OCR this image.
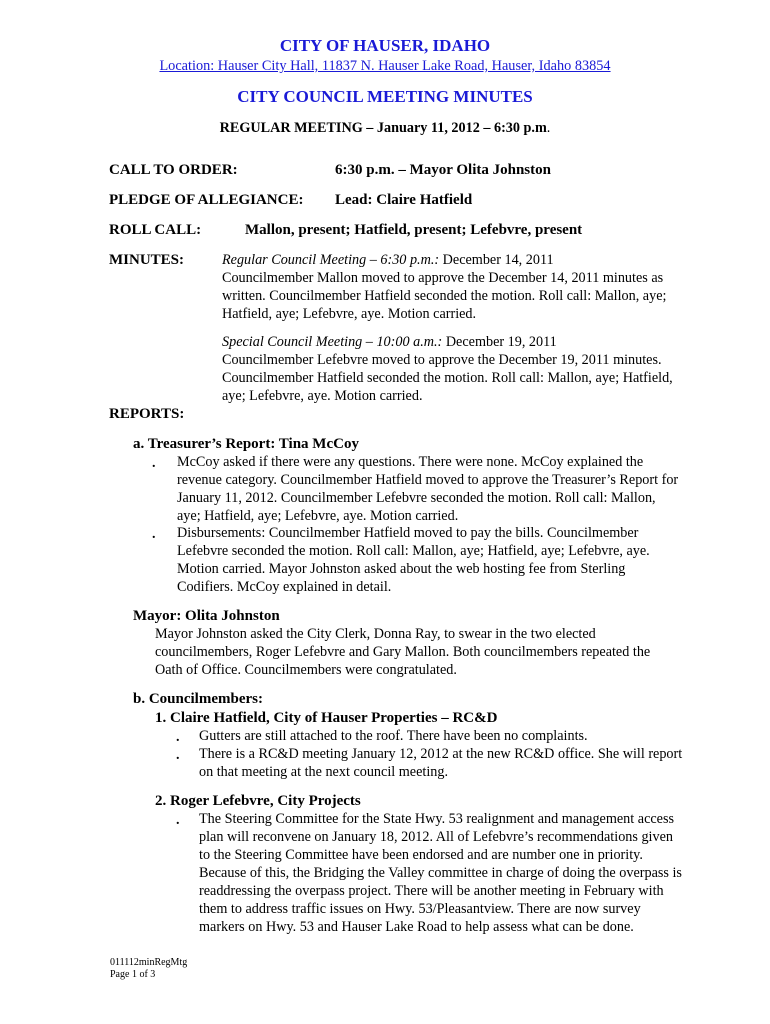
CITY OF HAUSER, IDAHO
Location: Hauser City Hall, 11837 N. Hauser Lake Road, Hauser, Idaho 83854
CITY COUNCIL MEETING MINUTES
REGULAR MEETING – January 11, 2012 – 6:30 p.m.
CALL TO ORDER:	6:30 p.m. – Mayor Olita Johnston
PLEDGE OF ALLEGIANCE: Lead: Claire Hatfield
ROLL CALL:	Mallon, present; Hatfield, present; Lefebvre, present
MINUTES:	Regular Council Meeting – 6:30 p.m.: December 14, 2011
Councilmember Mallon moved to approve the December 14, 2011 minutes as
written. Councilmember Hatfield seconded the motion. Roll call: Mallon, aye;
Hatfield, aye; Lefebvre, aye. Motion carried.
Special Council Meeting – 10:00 a.m.: December 19, 2011
Councilmember Lefebvre moved to approve the December 19, 2011 minutes.
Councilmember Hatfield seconded the motion. Roll call: Mallon, aye; Hatfield,
aye; Lefebvre, aye. Motion carried.
REPORTS:
a. Treasurer’s Report: Tina McCoy
. McCoy asked if there were any questions. There were none. McCoy explained the
revenue category. Councilmember Hatfield moved to approve the Treasurer’s Report for
January 11, 2012. Councilmember Lefebvre seconded the motion. Roll call: Mallon,
aye; Hatfield, aye; Lefebvre, aye. Motion carried.
. Disbursements: Councilmember Hatfield moved to pay the bills. Councilmember
Lefebvre seconded the motion. Roll call: Mallon, aye; Hatfield, aye; Lefebvre, aye.
Motion carried. Mayor Johnston asked about the web hosting fee from Sterling
Codifiers. McCoy explained in detail.
Mayor: Olita Johnston
Mayor Johnston asked the City Clerk, Donna Ray, to swear in the two elected
councilmembers, Roger Lefebvre and Gary Mallon. Both councilmembers repeated the
Oath of Office. Councilmembers were congratulated.
b. Councilmembers:
1. Claire Hatfield, City of Hauser Properties – RC&D
. Gutters are still attached to the roof. There have been no complaints.
. There is a RC&D meeting January 12, 2012 at the new RC&D office. She will report
on that meeting at the next council meeting.
2. Roger Lefebvre, City Projects
. The Steering Committee for the State Hwy. 53 realignment and management access
plan will reconvene on January 18, 2012. All of Lefebvre’s recommendations given
to the Steering Committee have been endorsed and are number one in priority.
Because of this, the Bridging the Valley committee in charge of doing the overpass is
readdressing the overpass project. There will be another meeting in February with
them to address traffic issues on Hwy. 53/Pleasantview. There are now survey
markers on Hwy. 53 and Hauser Lake Road to help assess what can be done.
011112minRegMtg
Page 1 of 3
